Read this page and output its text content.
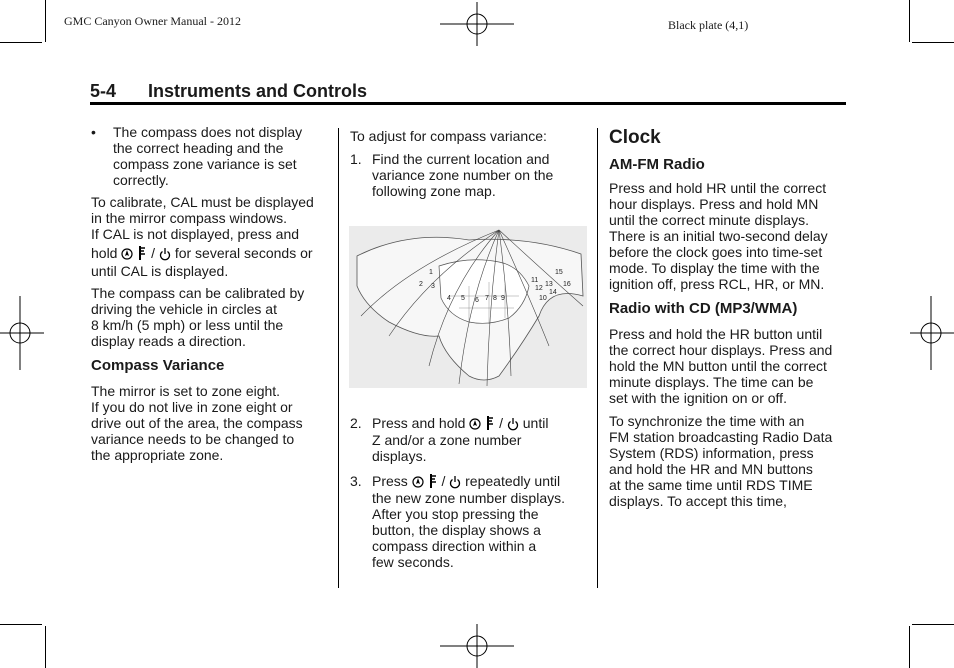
GMC Canyon Owner Manual - 2012	Black plate (4,1)
5-4 Instruments and Controls
• The compass does not display

the correct heading and the

compass zone variance is set

correctly.

To calibrate, CAL must be displayed

in the mirror compass windows.

If CAL is not displayed, press and

hold / for several seconds or

until CAL is displayed.

The compass can be calibrated by

driving the vehicle in circles at

8 km/h (5 mph) or less until the

display reads a direction.

Compass Variance

The mirror is set to zone eight.

If you do not live in zone eight or

drive out of the area, the compass

variance needs to be changed to

the appropriate zone.

To adjust for compass variance:

1. Find the current location and

variance zone number on the

following zone map.

1
2 3
4 5 6 7 8 9	10
11
12
13
14
15
16
2. Press and hold / until

Z and/or a zone number

displays.

3. Press / repeatedly until

the new zone number displays.

After you stop pressing the

button, the display shows a

compass direction within a

few seconds.

Clock

AM-FM Radio

Press and hold HR until the correct

hour displays. Press and hold MN

until the correct minute displays.

There is an initial two-second delay

before the clock goes into time-set

mode. To display the time with the

ignition off, press RCL, HR, or MN.

Radio with CD (MP3/WMA)

Press and hold the HR button until

the correct hour displays. Press and

hold the MN button until the correct

minute displays. The time can be

set with the ignition on or off.

To synchronize the time with an

FM station broadcasting Radio Data

System (RDS) information, press

and hold the HR and MN buttons

at the same time until RDS TIME

displays. To accept this time,
